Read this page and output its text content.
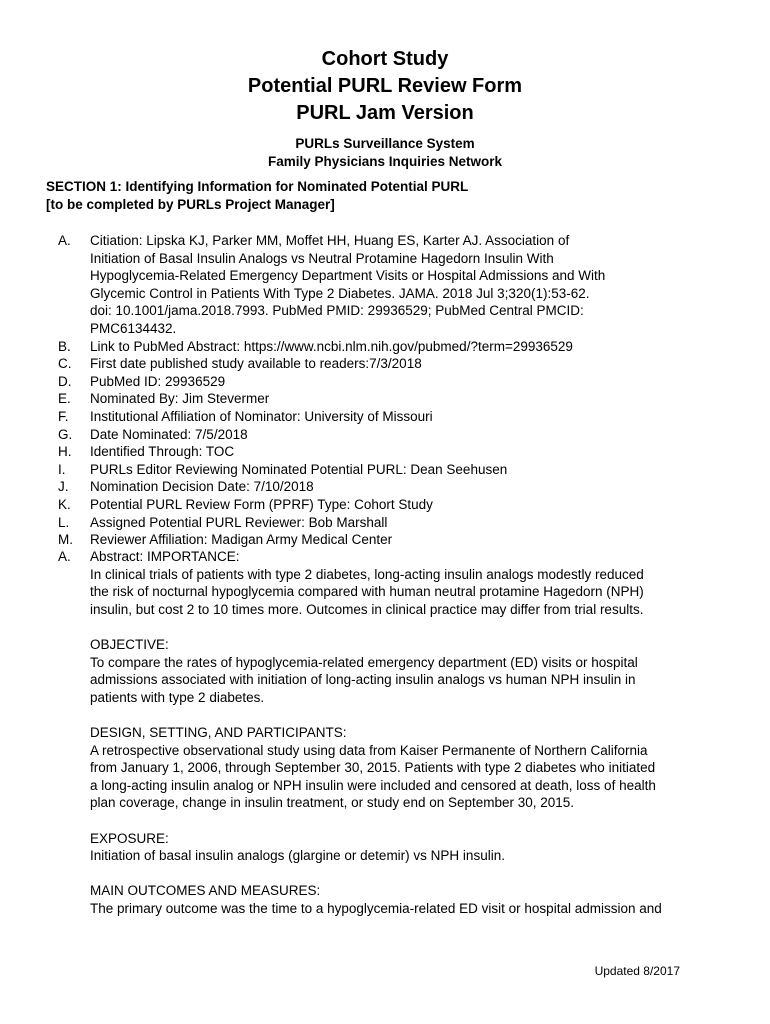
Cohort Study

Potential PURL Review Form

PURL Jam Version

PURLs Surveillance System

Family Physicians Inquiries Network

SECTION 1: Identifying Information for Nominated Potential PURL

[to be completed by PURLs Project Manager]

A.	Citiation: Lipska KJ, Parker MM, Moffet HH, Huang ES, Karter AJ. Association of
Initiation of Basal Insulin Analogs vs Neutral Protamine Hagedorn Insulin With
Hypoglycemia-Related Emergency Department Visits or Hospital Admissions and With
Glycemic Control in Patients With Type 2 Diabetes. JAMA. 2018 Jul 3;320(1):53-62.
doi: 10.1001/jama.2018.7993. PubMed PMID: 29936529; PubMed Central PMCID:
PMC6134432.
B.	Link to PubMed Abstract: https://www.ncbi.nlm.nih.gov/pubmed/?term=29936529
C.	First date published study available to readers:7/3/2018
D.	PubMed ID: 29936529
E.	Nominated By: Jim Stevermer
F.	Institutional Affiliation of Nominator: University of Missouri
G.	Date Nominated: 7/5/2018
H.	Identified Through: TOC
I.	PURLs Editor Reviewing Nominated Potential PURL: Dean Seehusen
J.	Nomination Decision Date: 7/10/2018
K.	Potential PURL Review Form (PPRF) Type: Cohort Study
L.	Assigned Potential PURL Reviewer: Bob Marshall
M.	Reviewer Affiliation: Madigan Army Medical Center
A.	Abstract: IMPORTANCE:

In clinical trials of patients with type 2 diabetes, long-acting insulin analogs modestly reduced

the risk of nocturnal hypoglycemia compared with human neutral protamine Hagedorn (NPH)

insulin, but cost 2 to 10 times more. Outcomes in clinical practice may differ from trial results.

OBJECTIVE:

To compare the rates of hypoglycemia-related emergency department (ED) visits or hospital

admissions associated with initiation of long-acting insulin analogs vs human NPH insulin in

patients with type 2 diabetes.

DESIGN, SETTING, AND PARTICIPANTS:

A retrospective observational study using data from Kaiser Permanente of Northern California

from January 1, 2006, through September 30, 2015. Patients with type 2 diabetes who initiated

a long-acting insulin analog or NPH insulin were included and censored at death, loss of health

plan coverage, change in insulin treatment, or study end on September 30, 2015.

EXPOSURE:

Initiation of basal insulin analogs (glargine or detemir) vs NPH insulin.

MAIN OUTCOMES AND MEASURES:

The primary outcome was the time to a hypoglycemia-related ED visit or hospital admission and

Updated 8/2017
